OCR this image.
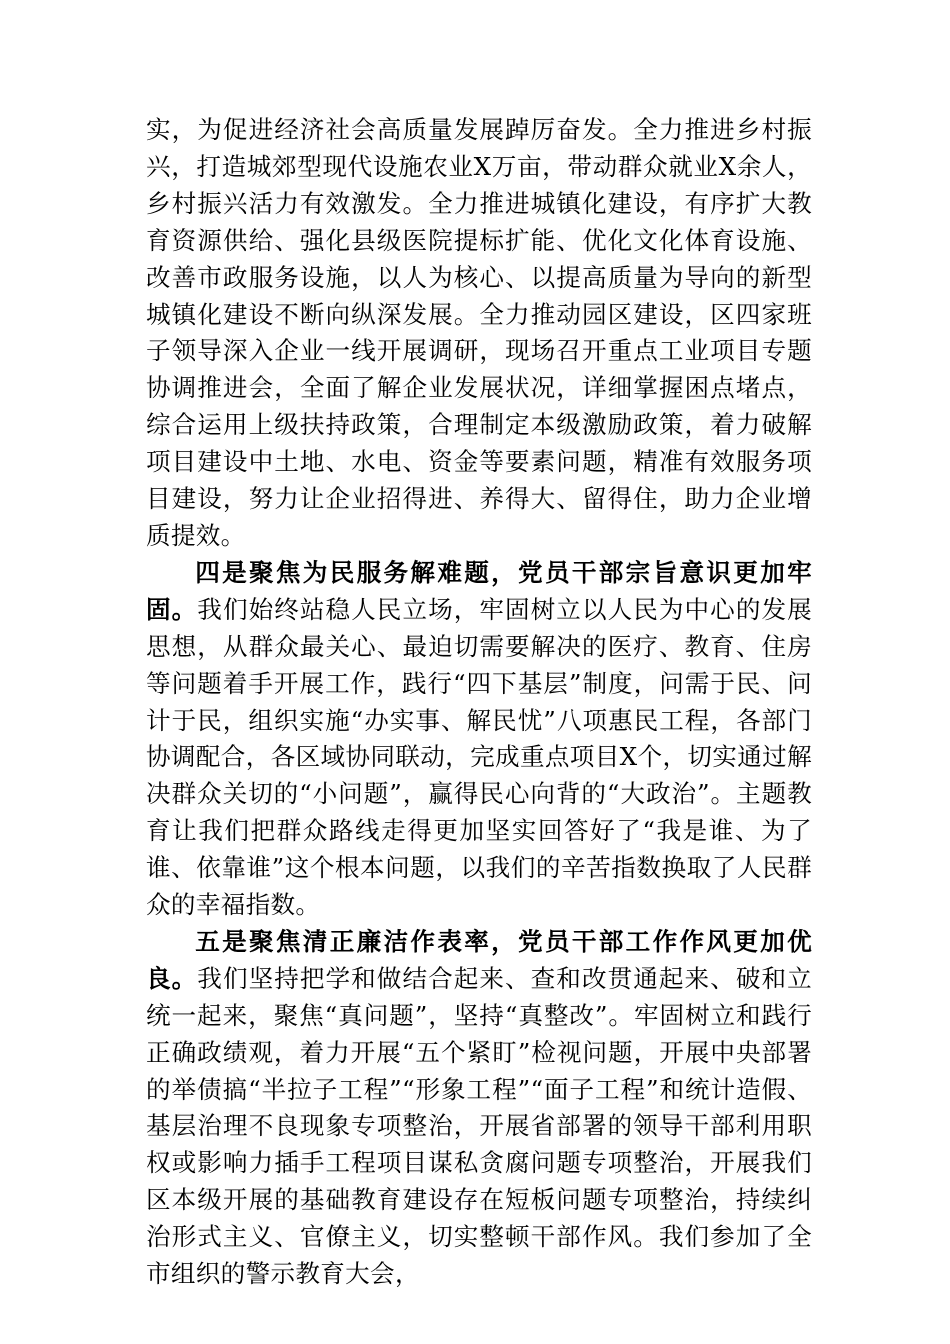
实，为促进经济社会高质量发展踔厉奋发。全力推进乡村振兴，打造城郊型现代设施农业X万亩，带动群众就业X余人，乡村振兴活力有效激发。全力推进城镇化建设，有序扩大教育资源供给、强化县级医院提标扩能、优化文化体育设施、改善市政服务设施，以人为核心、以提高质量为导向的新型城镇化建设不断向纵深发展。全力推动园区建设，区四家班子领导深入企业一线开展调研，现场召开重点工业项目专题协调推进会，全面了解企业发展状况，详细掌握困点堵点，综合运用上级扶持政策，合理制定本级激励政策，着力破解项目建设中土地、水电、资金等要素问题，精准有效服务项目建设，努力让企业招得进、养得大、留得住，助力企业增质提效。

四是聚焦为民服务解难题，党员干部宗旨意识更加牢固。我们始终站稳人民立场，牢固树立以人民为中心的发展思想，从群众最关心、最迫切需要解决的医疗、教育、住房等问题着手开展工作，践行“四下基层”制度，问需于民、问计于民，组织实施“办实事、解民忧”八项惠民工程，各部门协调配合，各区域协同联动，完成重点项目X个，切实通过解决群众关切的“小问题”，赢得民心向背的“大政治”。主题教育让我们把群众路线走得更加坚实回答好了“我是谁、为了谁、依靠谁”这个根本问题，以我们的辛苦指数换取了人民群众的幸福指数。

五是聚焦清正廉洁作表率，党员干部工作作风更加优良。我们坚持把学和做结合起来、查和改贯通起来、破和立统一起来，聚焦“真问题”，坚持“真整改”。牢固树立和践行正确政绩观，着力开展“五个紧盯”检视问题，开展中央部署的举债搞“半拉子工程”“形象工程”“面子工程”和统计造假、基层治理不良现象专项整治，开展省部署的领导干部利用职权或影响力插手工程项目谋私贪腐问题专项整治，开展我们区本级开展的基础教育建设存在短板问题专项整治，持续纠治形式主义、官僚主义，切实整顿干部作风。我们参加了全市组织的警示教育大会，
